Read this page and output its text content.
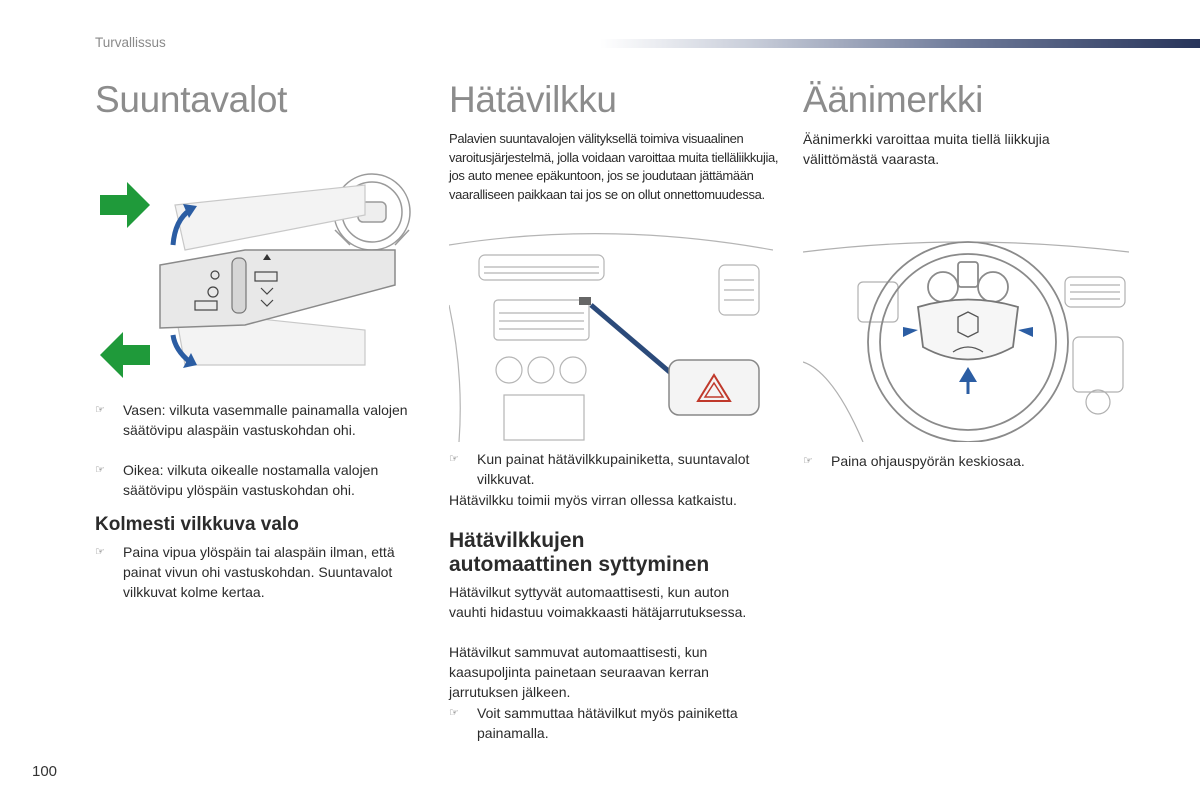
Turvallissus
Suuntavalot
☞	Vasen: vilkuta vasemmalle painamalla valojen säätövipu alaspäin vastuskohdan ohi.
☞	Oikea: vilkuta oikealle nostamalla valojen säätövipu ylöspäin vastuskohdan ohi.
Kolmesti vilkkuva valo
☞	Paina vipua ylöspäin tai alaspäin ilman, että painat vivun ohi vastuskohdan. Suuntavalot vilkkuvat kolme kertaa.
Hätävilkku

Palavien suuntavalojen välityksellä toimiva visuaalinen varoitusjärjestelmä, jolla voidaan varoittaa muita tielläliikkujia, jos auto menee epäkuntoon, jos se joudutaan jättämään vaaralliseen paikkaan tai jos se on ollut onnettomuudessa.

☞	Kun painat hätävilkkupainiketta, suuntavalot vilkkuvat.

Hätävilkku toimii myös virran ollessa katkaistu.

Hätävilkkujen
automaattinen syttyminen

Hätävilkut syttyvät automaattisesti, kun auton vauhti hidastuu voimakkaasti hätäjarrutuksessa.

Hätävilkut sammuvat automaattisesti, kun kaasupoljinta painetaan seuraavan kerran jarrutuksen jälkeen.

☞	Voit sammuttaa hätävilkut myös painiketta painamalla.
Äänimerkki

Äänimerkki varoittaa muita tiellä liikkujia välittömästä vaarasta.

☞	Paina ohjauspyörän keskiosaa.
100
